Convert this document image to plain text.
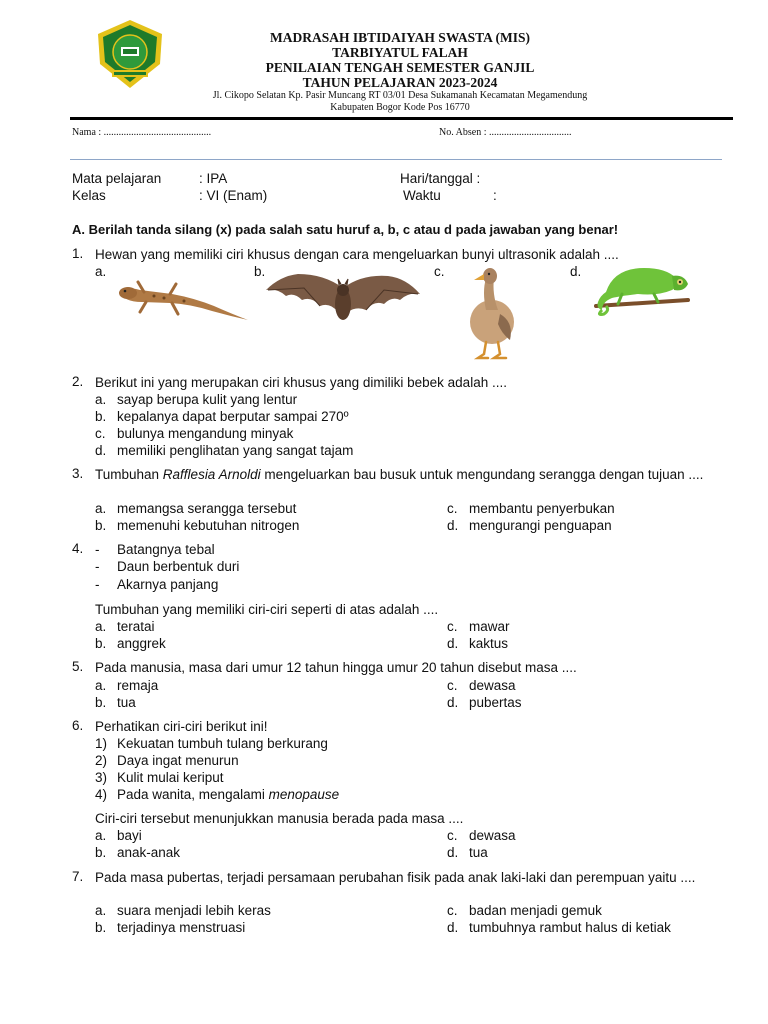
MADRASAH IBTIDAIYAH SWASTA (MIS)
TARBIYATUL FALAH
PENILAIAN TENGAH SEMESTER GANJIL
TAHUN PELAJARAN 2023-2024
Jl. Cikopo Selatan Kp. Pasir Muncang RT 03/01 Desa Sukamanah Kecamatan Megamendung
Kabupaten Bogor Kode Pos 16770
Nama : ...........................................	No. Absen : .................................
Mata pelajaran	: IPA
Kelas	: VI (Enam)
Hari/tanggal :
Waktu	:
A. Berilah tanda silang (x) pada salah satu huruf a, b, c atau d pada jawaban yang benar!
1. Hewan yang memiliki ciri khusus dengan cara mengeluarkan bunyi ultrasonik adalah ....
a.	b.	c.	d.
2. Berikut ini yang merupakan ciri khusus yang dimiliki bebek adalah ....
a. sayap berupa kulit yang lentur
b. kepalanya dapat berputar sampai 270º
c. bulunya mengandung minyak
d. memiliki penglihatan yang sangat tajam
3. Tumbuhan Rafflesia Arnoldi mengeluarkan bau busuk untuk mengundang serangga dengan tujuan ....
a. memangsa serangga tersebut
b. memenuhi kebutuhan nitrogen
c. membantu penyerbukan
d. mengurangi penguapan
4. - Batangnya tebal
- Daun berbentuk duri
- Akarnya panjang
Tumbuhan yang memiliki ciri-ciri seperti di atas adalah ....
a. teratai
b. anggrek
c. mawar
d. kaktus
5. Pada manusia, masa dari umur 12 tahun hingga umur 20 tahun disebut masa ....
a. remaja
b. tua
c. dewasa
d. pubertas
6. Perhatikan ciri-ciri berikut ini!
1) Kekuatan tumbuh tulang berkurang
2) Daya ingat menurun
3) Kulit mulai keriput
4) Pada wanita, mengalami menopause
Ciri-ciri tersebut menunjukkan manusia berada pada masa ....
a. bayi
b. anak-anak
c. dewasa
d. tua
7. Pada masa pubertas, terjadi persamaan perubahan fisik pada anak laki-laki dan perempuan yaitu ....
a. suara menjadi lebih keras
b. terjadinya menstruasi
c. badan menjadi gemuk
d. tumbuhnya rambut halus di ketiak
